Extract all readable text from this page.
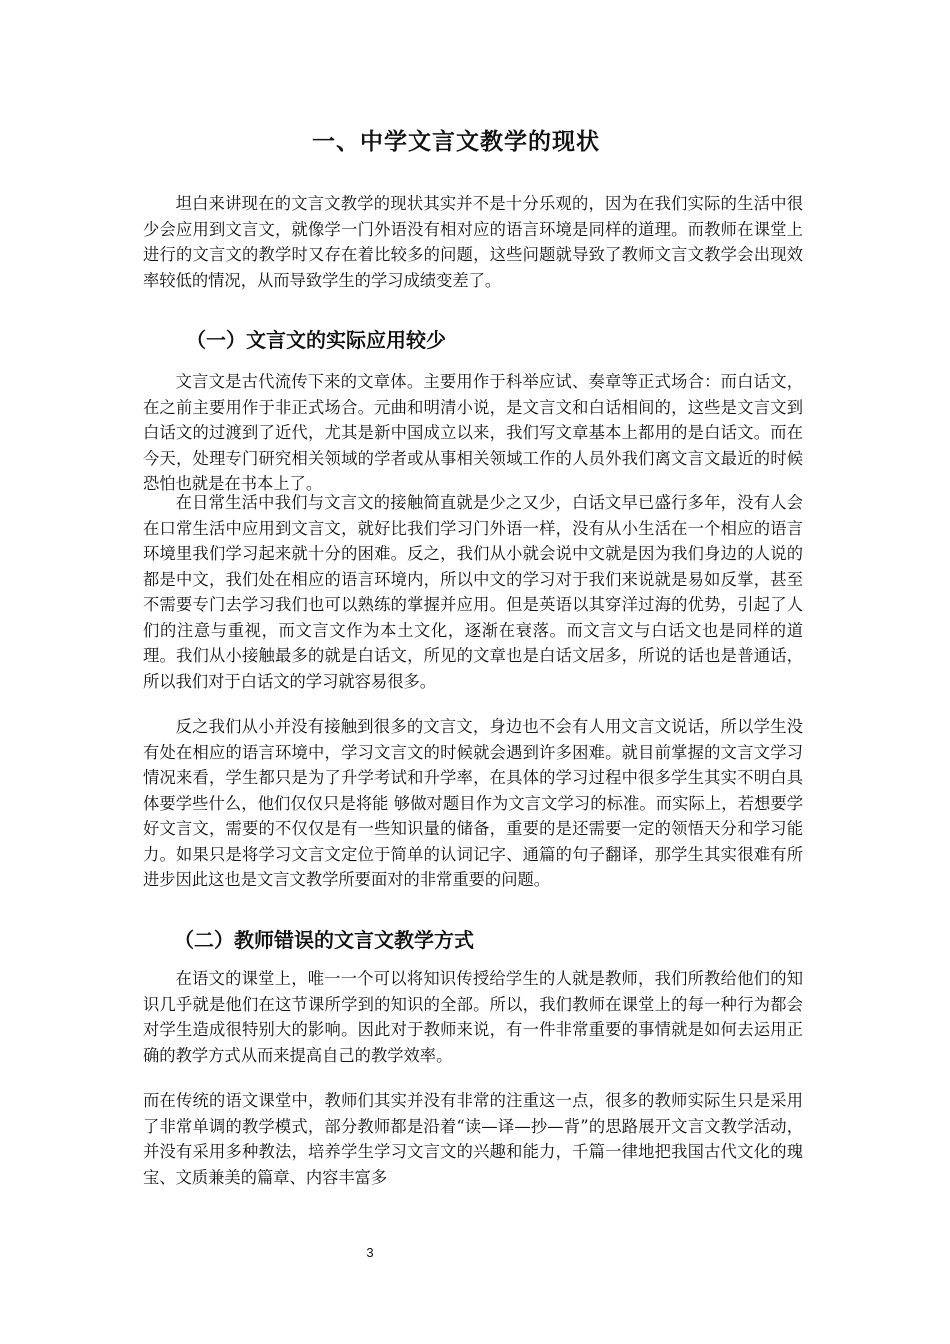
一、中学文言文教学的现状

坦白来讲现在的文言文教学的现状其实并不是十分乐观的，因为在我们实际的生活中很少会应用到文言文，就像学一门外语没有相对应的语言环境是同样的道理。而教师在课堂上进行的文言文的教学时又存在着比较多的问题，这些问题就导致了教师文言文教学会出现效率较低的情况，从而导致学生的学习成绩变差了。

（一）文言文的实际应用较少

文言文是古代流传下来的文章体。主要用作于科举应试、奏章等正式场合：而白话文，在之前主要用作于非正式场合。元曲和明清小说，是文言文和白话相间的，这些是文言文到白话文的过渡到了近代，尤其是新中国成立以来，我们写文章基本上都用的是白话文。而在今天，处理专门研究相关领域的学者或从事相关领域工作的人员外我们离文言文最近的时候恐怕也就是在书本上了。

在日常生活中我们与文言文的接触简直就是少之又少，白话文早已盛行多年，没有人会在口常生活中应用到文言文，就好比我们学习门外语一样，没有从小生活在一个相应的语言环境里我们学习起来就十分的困难。反之，我们从小就会说中文就是因为我们身边的人说的都是中文，我们处在相应的语言环境内，所以中文的学习对于我们来说就是易如反掌，甚至不需要专门去学习我们也可以熟练的掌握并应用。但是英语以其穿洋过海的优势，引起了人们的注意与重视，而文言文作为本土文化，逐渐在衰落。而文言文与白话文也是同样的道理。我们从小接触最多的就是白话文，所见的文章也是白话文居多，所说的话也是普通话，所以我们对于白话文的学习就容易很多。

反之我们从小并没有接触到很多的文言文，身边也不会有人用文言文说话，所以学生没有处在相应的语言环境中，学习文言文的时候就会遇到许多困难。就目前掌握的文言文学习情况来看，学生都只是为了升学考试和升学率，在具体的学习过程中很多学生其实不明白具体要学些什么，他们仅仅只是将能 够做对题目作为文言文学习的标准。而实际上，若想要学好文言文，需要的不仅仅是有一些知识量的储备，重要的是还需要一定的领悟天分和学习能力。如果只是将学习文言文定位于简单的认词记字、通篇的句子翻译，那学生其实很难有所进步因此这也是文言文教学所要面对的非常重要的问题。

（二）教师错误的文言文教学方式

在语文的课堂上，唯一一个可以将知识传授给学生的人就是教师，我们所教给他们的知识几乎就是他们在这节课所学到的知识的全部。所以，我们教师在课堂上的每一种行为都会对学生造成很特别大的影响。因此对于教师来说，有一件非常重要的事情就是如何去运用正确的教学方式从而来提高自己的教学效率。

而在传统的语文课堂中，教师们其实并没有非常的注重这一点，很多的教师实际生只是采用了非常单调的教学模式，部分教师都是沿着“读—译—抄—背”的思路展开文言文教学活动，并没有采用多种教法，培养学生学习文言文的兴趣和能力，千篇一律地把我国古代文化的瑰宝、文质兼美的篇章、内容丰富多

3
